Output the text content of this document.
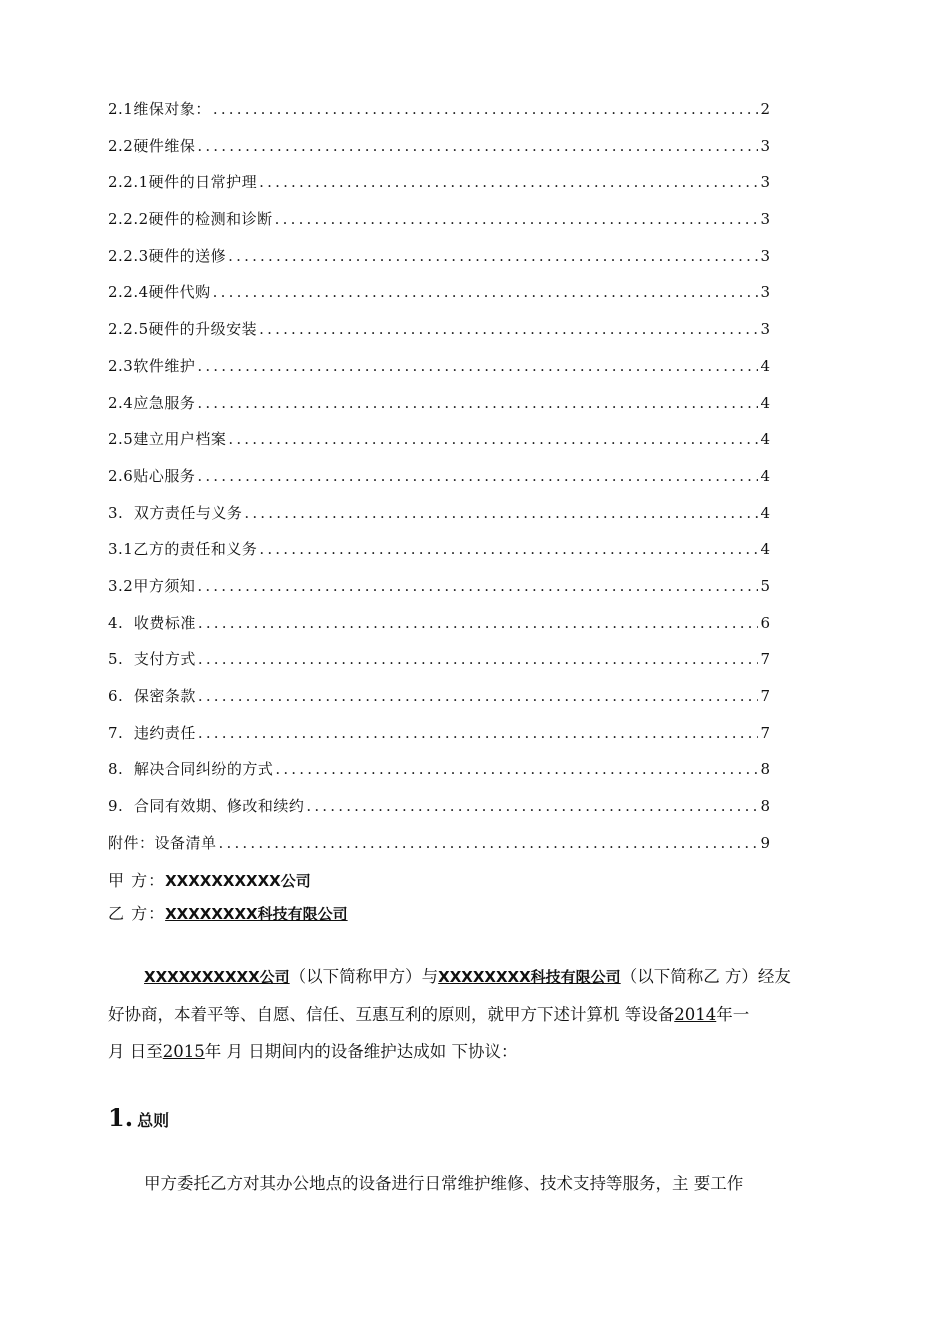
2.1维保对象： .....	2
2.2硬件维保 .....	3
2.2.1硬件的日常护理 .....	3
2.2.2硬件的检测和诊断 .....	3
2.2.3硬件的送修 .....	3
2.2.4硬件代购 .....	3
2.2.5硬件的升级安装 .....	3
2.3软件维护 .....	4
2.4应急服务 .....	4
2.5建立用户档案 .....	4
2.6贴心服务 .....	4
3.  双方责任与义务 .....	4
3.1乙方的责任和义务 .....	4
3.2甲方须知 .....	5
4.  收费标准 .....	6
5.  支付方式 .....	7
6.  保密条款 .....	7
7.  违约责任 .....	7
8.  解决合同纠纷的方式 .....	8
9.  合同有效期、修改和续约 .....	8
附件：设备清单 .....	9
甲 方：XXXXXXXXXX公司
乙 方：XXXXXXXX科技有限公司
XXXXXXXXXX公司（以下简称甲方）与XXXXXXXX科技有限公司（以下简称乙 方）经友
好协商，本着平等、自愿、信任、互惠互利的原则，就甲方下述计算机 等设备2014年一
月 日至2015年 月 日期间内的设备维护达成如 下协议：
1. 总则
甲方委托乙方对其办公地点的设备进行日常维护维修、技术支持等服务，主 要工作
